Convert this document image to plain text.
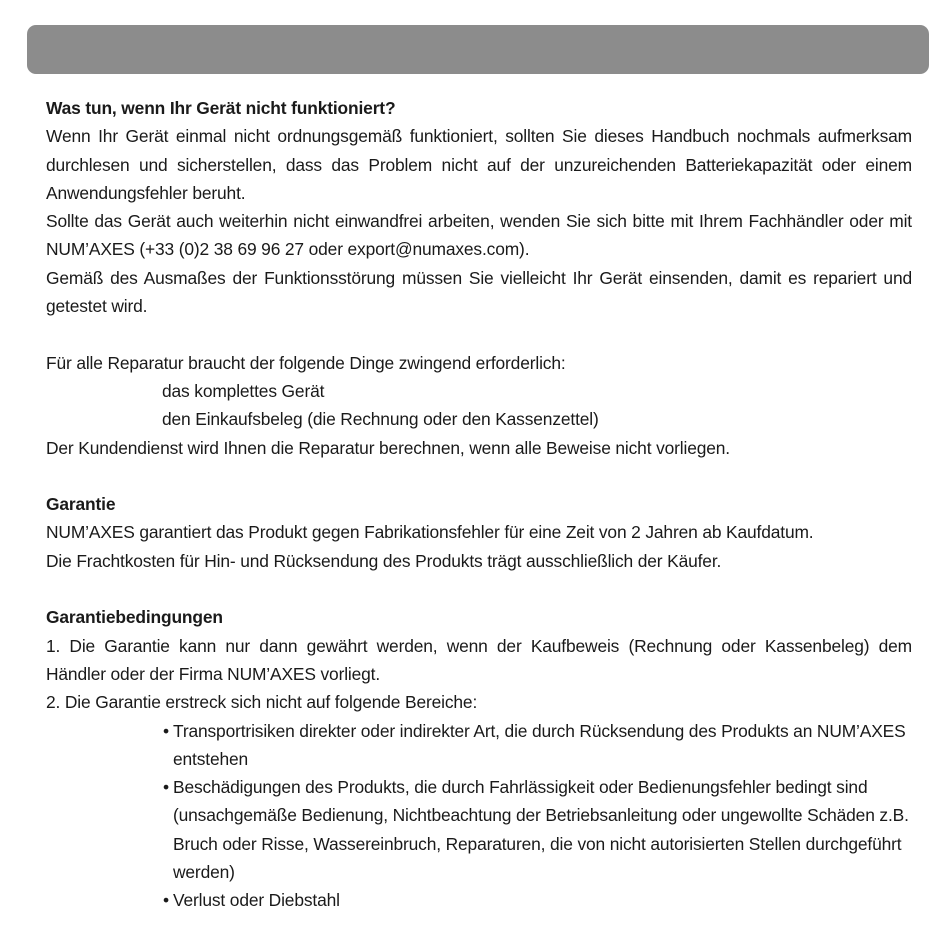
Was tun, wenn Ihr Gerät nicht funktioniert?

Wenn Ihr Gerät einmal nicht ordnungsgemäß funktioniert, sollten Sie dieses Handbuch nochmals aufmerksam durchlesen und sicherstellen, dass das Problem nicht auf der unzureichenden Batteriekapazität oder einem Anwendungsfehler beruht.

Sollte das Gerät auch weiterhin nicht einwandfrei arbeiten, wenden Sie sich bitte mit Ihrem Fachhändler oder mit NUM’AXES (+33 (0)2 38 69 96 27 oder export@numaxes.com).

Gemäß des Ausmaßes der Funktionsstörung müssen Sie vielleicht Ihr Gerät einsenden, damit es repariert und getestet wird.

Für alle Reparatur braucht der folgende Dinge zwingend erforderlich:

das komplettes Gerät

den Einkaufsbeleg (die Rechnung oder den Kassenzettel)

Der Kundendienst wird Ihnen die Reparatur berechnen, wenn alle Beweise nicht vorliegen.

Garantie

NUM’AXES garantiert das Produkt gegen Fabrikationsfehler für eine Zeit von 2 Jahren ab Kaufdatum.

Die Frachtkosten für Hin- und Rücksendung des Produkts trägt ausschließlich der Käufer.

Garantiebedingungen

1. Die Garantie kann nur dann gewährt werden, wenn der Kaufbeweis (Rechnung oder Kassenbeleg) dem Händler oder der Firma NUM’AXES vorliegt.

2. Die Garantie erstreck sich nicht auf folgende Bereiche:

• Transportrisiken direkter oder indirekter Art, die durch Rücksendung des Produkts an NUM’AXES entstehen

• Beschädigungen des Produkts, die durch Fahrlässigkeit oder Bedienungsfehler bedingt sind (unsachgemäße Bedienung, Nichtbeachtung der Betriebsanleitung oder ungewollte Schäden z.B. Bruch oder Risse, Wassereinbruch, Reparaturen, die von nicht autorisierten Stellen durchgeführt werden)

• Verlust oder Diebstahl
